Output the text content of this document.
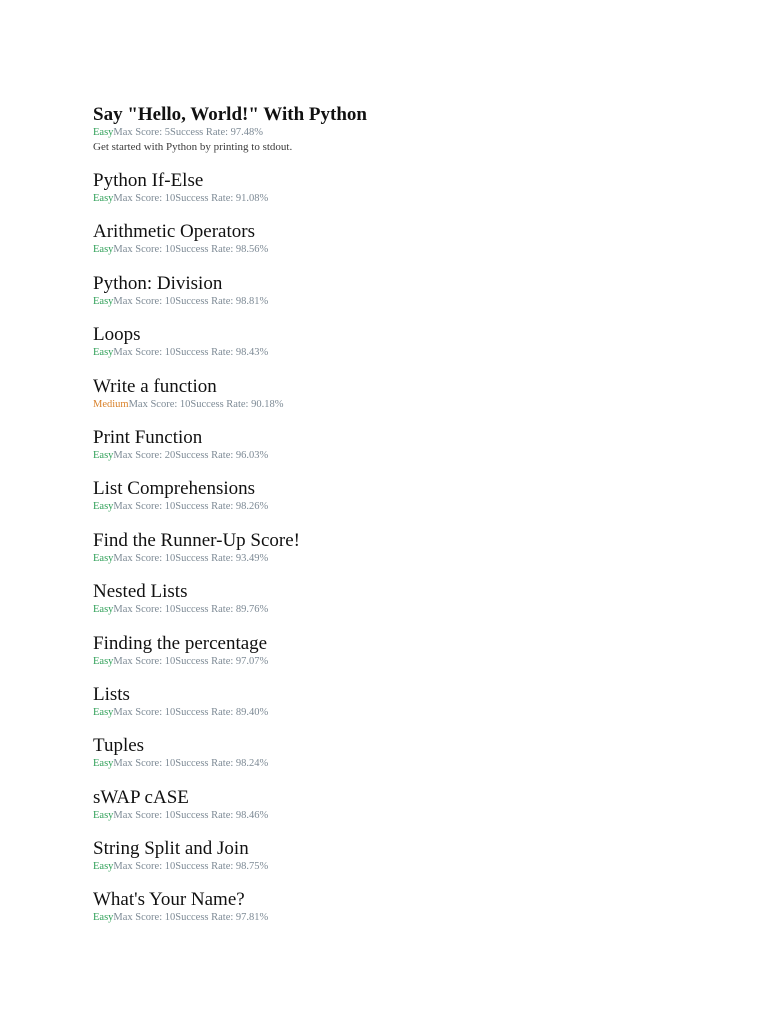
Say "Hello, World!" With Python
EasyMax Score: 5Success Rate: 97.48%
Get started with Python by printing to stdout.
Python If-Else
EasyMax Score: 10Success Rate: 91.08%
Arithmetic Operators
EasyMax Score: 10Success Rate: 98.56%
Python: Division
EasyMax Score: 10Success Rate: 98.81%
Loops
EasyMax Score: 10Success Rate: 98.43%
Write a function
MediumMax Score: 10Success Rate: 90.18%
Print Function
EasyMax Score: 20Success Rate: 96.03%
List Comprehensions
EasyMax Score: 10Success Rate: 98.26%
Find the Runner-Up Score!
EasyMax Score: 10Success Rate: 93.49%
Nested Lists
EasyMax Score: 10Success Rate: 89.76%
Finding the percentage
EasyMax Score: 10Success Rate: 97.07%
Lists
EasyMax Score: 10Success Rate: 89.40%
Tuples
EasyMax Score: 10Success Rate: 98.24%
sWAP cASE
EasyMax Score: 10Success Rate: 98.46%
String Split and Join
EasyMax Score: 10Success Rate: 98.75%
What's Your Name?
EasyMax Score: 10Success Rate: 97.81%
